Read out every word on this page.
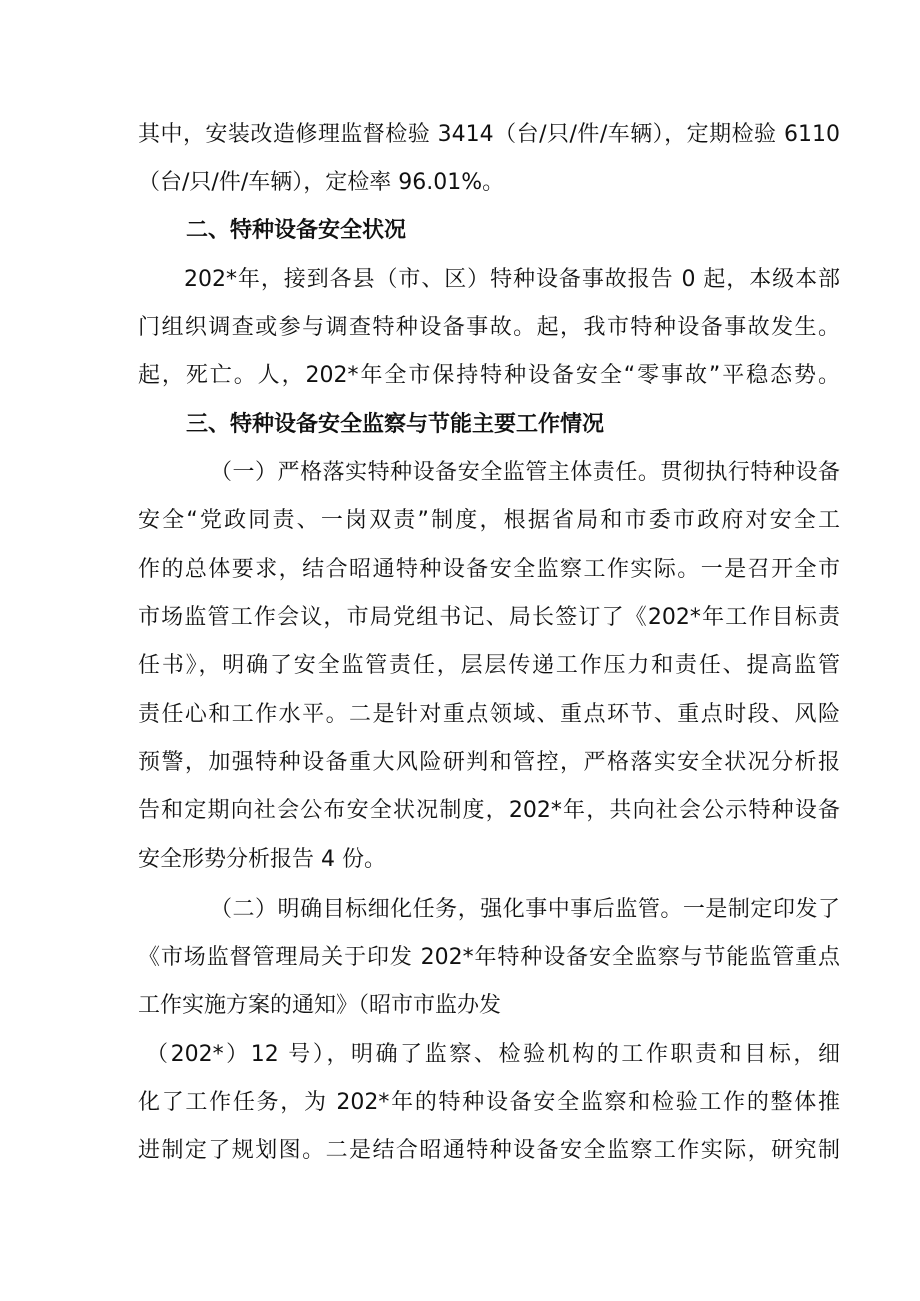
其中，安装改造修理监督检验 3414（台/只/件/车辆），定期检验 6110
（台/只/件/车辆），定检率 96.01%。
二、特种设备安全状况
202*年，接到各县（市、区）特种设备事故报告 0 起，本级本部
门组织调查或参与调查特种设备事故。起，我市特种设备事故发生。
起，死亡。人，202*年全市保持特种设备安全“零事故”平稳态势。
三、特种设备安全监察与节能主要工作情况
（一）严格落实特种设备安全监管主体责任。贯彻执行特种设备
安全“党政同责、一岗双责”制度，根据省局和市委市政府对安全工
作的总体要求，结合昭通特种设备安全监察工作实际。一是召开全市
市场监管工作会议，市局党组书记、局长签订了《202*年工作目标责
任书》，明确了安全监管责任，层层传递工作压力和责任、提高监管
责任心和工作水平。二是针对重点领域、重点环节、重点时段、风险
预警，加强特种设备重大风险研判和管控，严格落实安全状况分析报
告和定期向社会公布安全状况制度，202*年，共向社会公示特种设备
安全形势分析报告 4 份。
（二）明确目标细化任务，强化事中事后监管。一是制定印发了
《市场监督管理局关于印发 202*年特种设备安全监察与节能监管重点
工作实施方案的通知》（昭市市监办发
（202*）12 号），明确了监察、检验机构的工作职责和目标，细
化了工作任务，为 202*年的特种设备安全监察和检验工作的整体推
进制定了规划图。二是结合昭通特种设备安全监察工作实际，研究制
